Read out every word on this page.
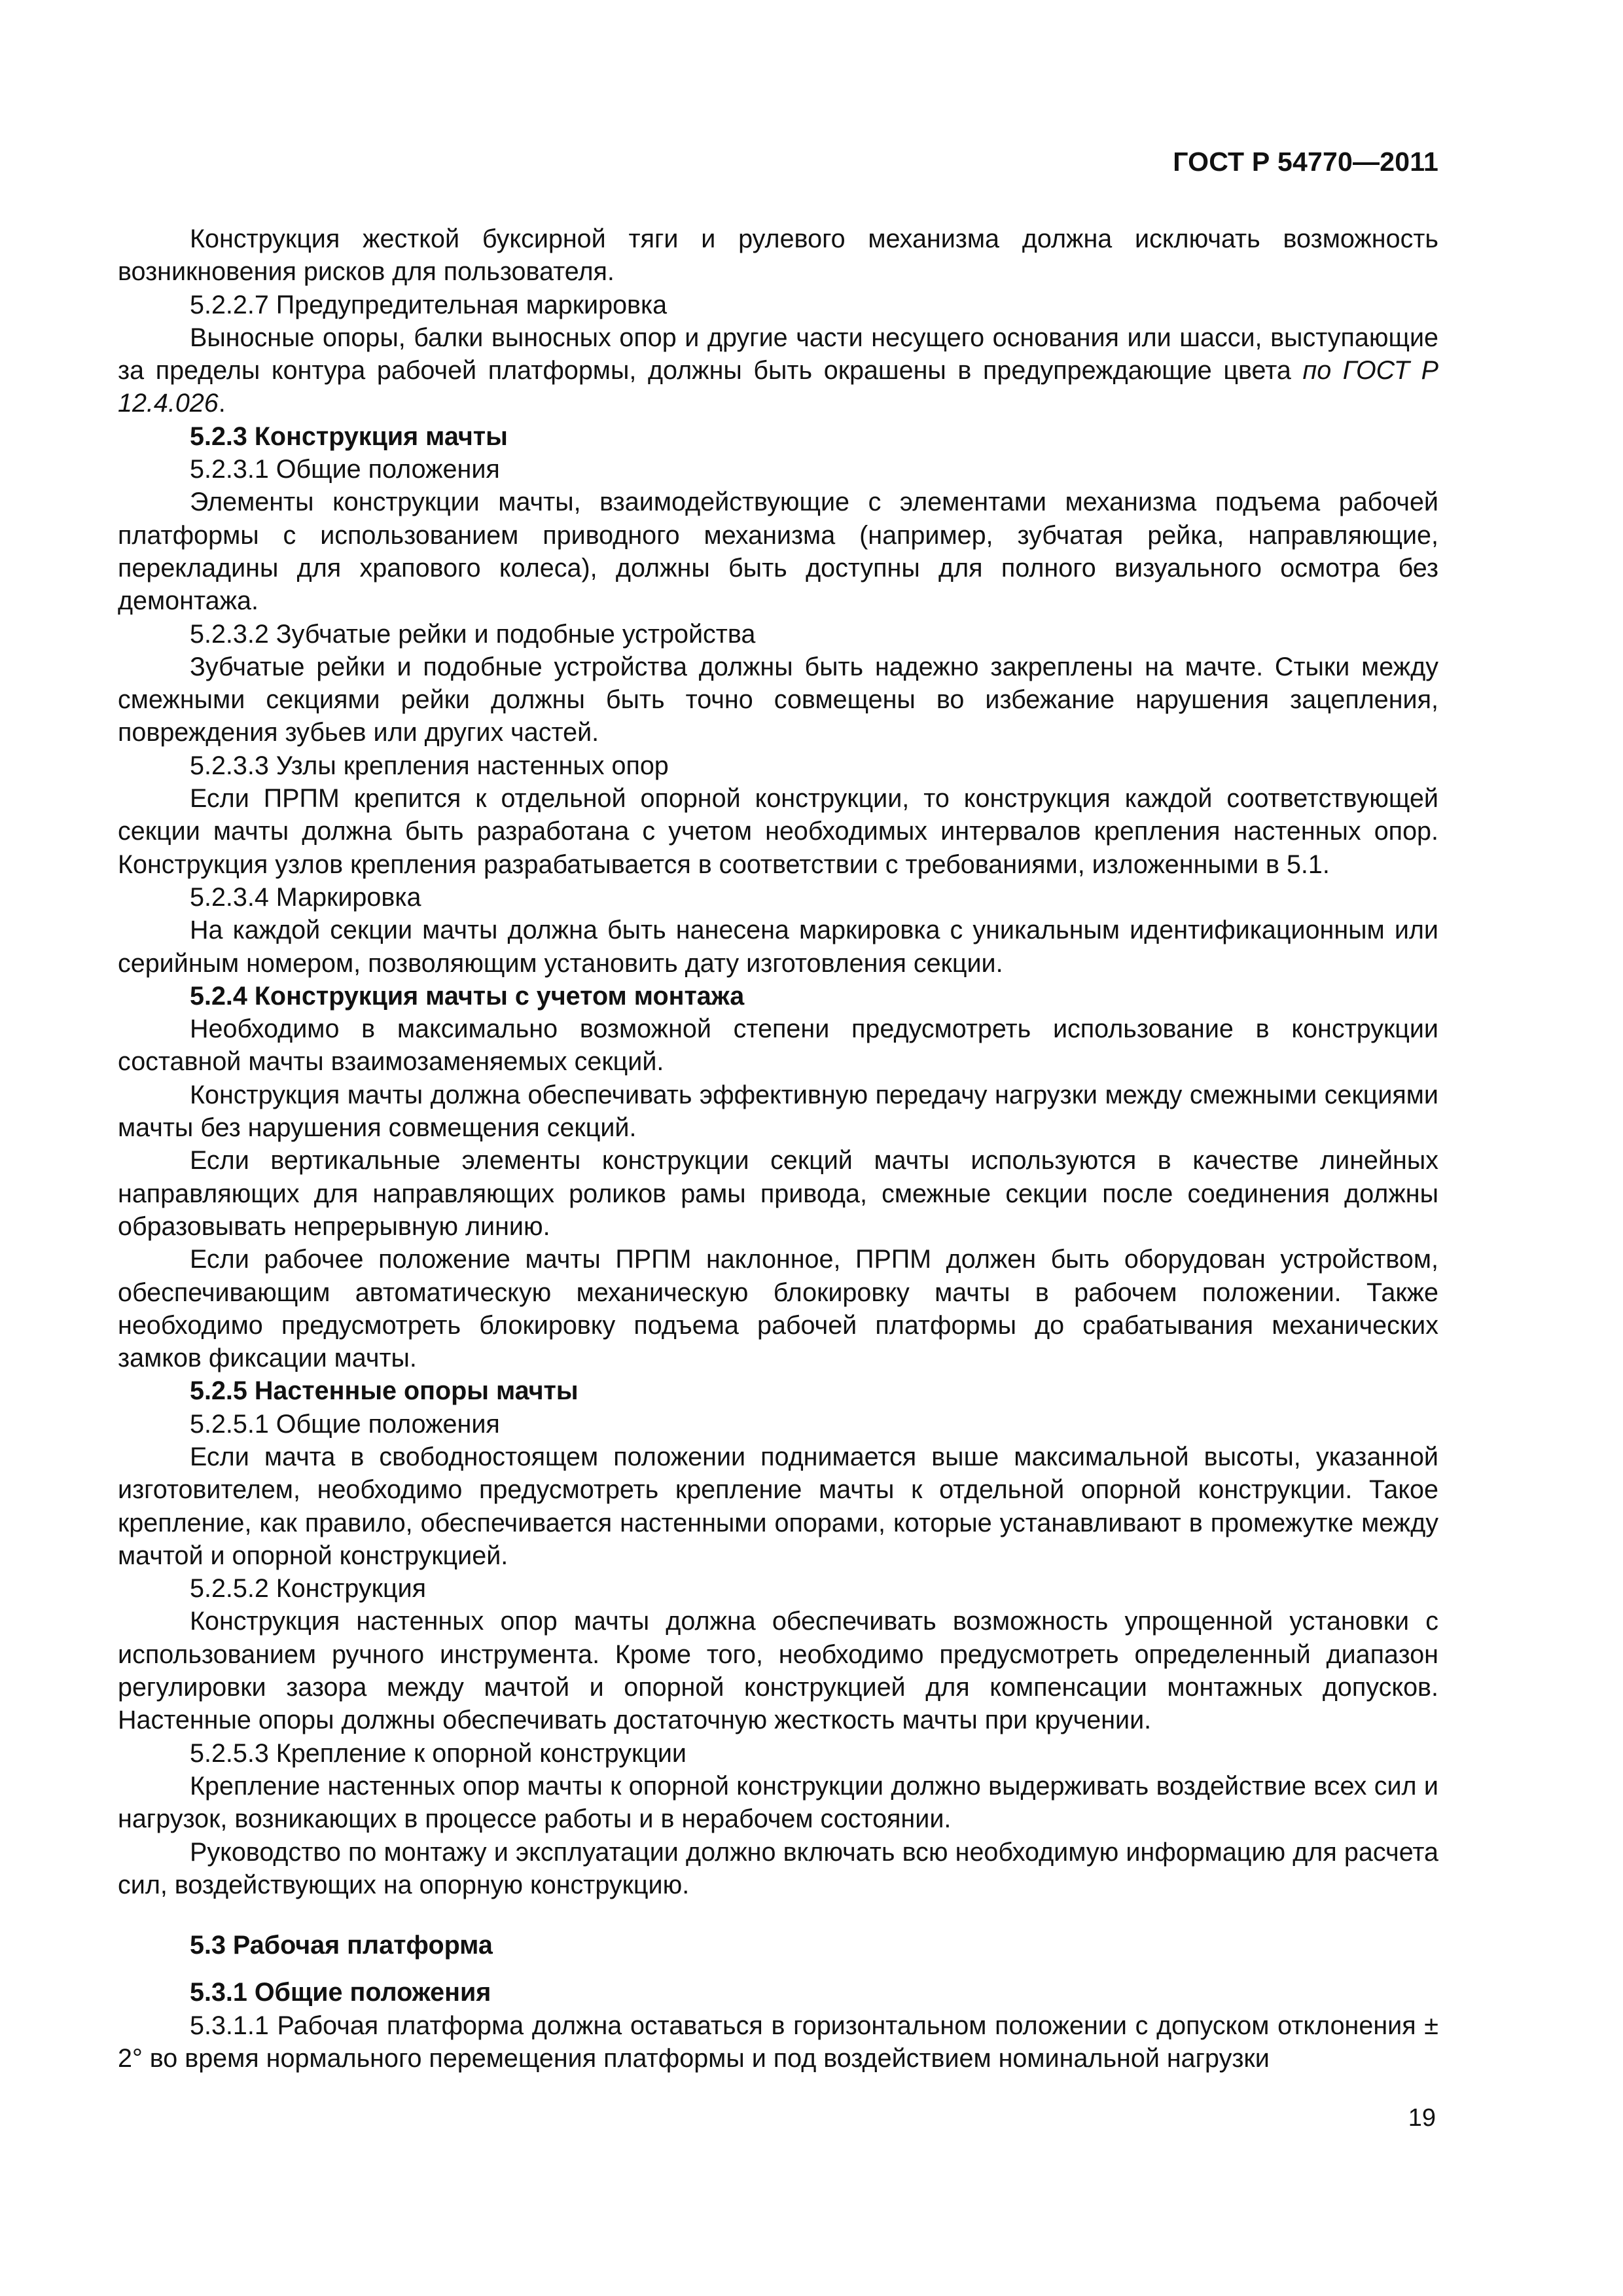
ГОСТ Р 54770—2011

Конструкция жесткой буксирной тяги и рулевого механизма должна исключать возможность возникновения рисков для пользователя.

5.2.2.7 Предупредительная маркировка

Выносные опоры, балки выносных опор и другие части несущего основания или шасси, выступающие за пределы контура рабочей платформы, должны быть окрашены в предупреждающие цвета по ГОСТ Р 12.4.026.

5.2.3 Конструкция мачты

5.2.3.1 Общие положения

Элементы конструкции мачты, взаимодействующие с элементами механизма подъема рабочей платформы с использованием приводного механизма (например, зубчатая рейка, направляющие, перекладины для храпового колеса), должны быть доступны для полного визуального осмотра без демонтажа.

5.2.3.2 Зубчатые рейки и подобные устройства

Зубчатые рейки и подобные устройства должны быть надежно закреплены на мачте. Стыки между смежными секциями рейки должны быть точно совмещены во избежание нарушения зацепления, повреждения зубьев или других частей.

5.2.3.3 Узлы крепления настенных опор

Если ПРПМ крепится к отдельной опорной конструкции, то конструкция каждой соответствующей секции мачты должна быть разработана с учетом необходимых интервалов крепления настенных опор. Конструкция узлов крепления разрабатывается в соответствии с требованиями, изложенными в 5.1.

5.2.3.4 Маркировка

На каждой секции мачты должна быть нанесена маркировка с уникальным идентификационным или серийным номером, позволяющим установить дату изготовления секции.

5.2.4 Конструкция мачты с учетом монтажа

Необходимо в максимально возможной степени предусмотреть использование в конструкции составной мачты взаимозаменяемых секций.

Конструкция мачты должна обеспечивать эффективную передачу нагрузки между смежными секциями мачты без нарушения совмещения секций.

Если вертикальные элементы конструкции секций мачты используются в качестве линейных направляющих для направляющих роликов рамы привода, смежные секции после соединения должны образовывать непрерывную линию.

Если рабочее положение мачты ПРПМ наклонное, ПРПМ должен быть оборудован устройством, обеспечивающим автоматическую механическую блокировку мачты в рабочем положении. Также необходимо предусмотреть блокировку подъема рабочей платформы до срабатывания механических замков фиксации мачты.

5.2.5 Настенные опоры мачты

5.2.5.1 Общие положения

Если мачта в свободностоящем положении поднимается выше максимальной высоты, указанной изготовителем, необходимо предусмотреть крепление мачты к отдельной опорной конструкции. Такое крепление, как правило, обеспечивается настенными опорами, которые устанавливают в промежутке между мачтой и опорной конструкцией.

5.2.5.2 Конструкция

Конструкция настенных опор мачты должна обеспечивать возможность упрощенной установки с использованием ручного инструмента. Кроме того, необходимо предусмотреть определенный диапазон регулировки зазора между мачтой и опорной конструкцией для компенсации монтажных допусков. Настенные опоры должны обеспечивать достаточную жесткость мачты при кручении.

5.2.5.3 Крепление к опорной конструкции

Крепление настенных опор мачты к опорной конструкции должно выдерживать воздействие всех сил и нагрузок, возникающих в процессе работы и в нерабочем состоянии.

Руководство по монтажу и эксплуатации должно включать всю необходимую информацию для расчета сил, воздействующих на опорную конструкцию.

5.3 Рабочая платформа

5.3.1 Общие положения

5.3.1.1 Рабочая платформа должна оставаться в горизонтальном положении с допуском отклонения ± 2° во время нормального перемещения платформы и под воздействием номинальной нагрузки

19
